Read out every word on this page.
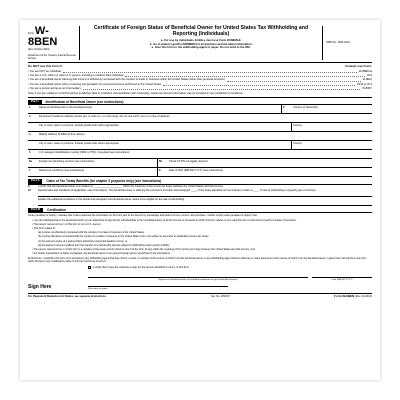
Form W-8BEN
(Rev. October 2021)
Department of the Treasury Internal Revenue Service
Certificate of Foreign Status of Beneficial Owner for United States Tax Withholding and Reporting (Individuals)
► For use by individuals. Entities must use Form W-8BEN-E.
► Go to www.irs.gov/FormW8BEN for instructions and the latest information.
► Give this form to the withholding agent or payer. Do not send to the IRS.
OMB No. 1545-1621
Do NOT use this form if:	Instead, use Form:
• You are NOT an individual	W-8BEN-E
• You are a U.S. citizen or other U.S. person, including a resident alien individual	W-9
• You are a beneficial owner claiming that income is effectively connected with the conduct of trade or business within the United States (other than personal services)	W-8ECI
• You are a beneficial owner who is receiving compensation for personal services performed in the United States	8233 or W-4
• You are a person acting as an intermediary	W-8IMY
Note: If you are resident in a FATCA partner jurisdiction (that is, a Model 1 IGA jurisdiction with reciprocity), certain tax account information may be provided to your jurisdiction of residence.
Part I	Identification of Beneficial Owner (see instructions)
1	Name of individual who is the beneficial owner	2	Country of citizenship
3	Permanent residence address (street, apt. or suite no., or rural route). Do not use a P.O. box or in-care-of address.
City or town, state or province. Include postal code where appropriate.	Country
4	Mailing address (if different from above)
City or town, state or province. Include postal code where appropriate.	Country
5	U.S. taxpayer identification number (SSN or ITIN), if required (see instructions)
6a	Foreign tax identifying number (see instructions)	6b	Check if FTIN not legally required
7	Reference number(s) (see instructions)	8	Date of birth (MM-DD-YYYY) (see instructions)
Part II	Claim of Tax Treaty Benefits (for chapter 3 purposes only) (see instructions)
9	I certify that the beneficial owner is a resident of ____________________ within the meaning of the income tax treaty between the United States and that country.
10	Special rates and conditions (if applicable—see instructions): The beneficial owner is claiming the provisions of Article and paragraph ____ of the treaty identified on line 9 above to claim a ____ % rate of withholding on (specify type of income):
Explain the additional conditions in the Article and paragraph the beneficial owner meets to be eligible for the rate of withholding:
Part III	Certification

Under penalties of perjury, I declare that I have examined the information on this form and to the best of my knowledge and belief it is true, correct, and complete. I further certify under penalties of perjury that:

• I am the individual that is the beneficial owner (or am authorized to sign for the individual that is the beneficial owner) of all the income or proceeds to which this form relates or am using this form to document myself for chapter 4 purposes;

• The person named on line 1 of this form is not a U.S. person;

• This form relates to:

(a) income not effectively connected with the conduct of a trade or business in the United States;

(b) income effectively connected with the conduct of a trade or business in the United States but is not subject to tax under an applicable income tax treaty;

(c) the partner's share of a partnership's effectively connected taxable income; or

(d) the partner's amount realized from the transfer of a partnership interest subject to withholding under section 1446(f);

• The person named on line 1 of this form is a resident of the treaty country listed on line 9 of the form (if any) within the meaning of the income tax treaty between the United States and that country; and

• For broker transactions or barter exchanges, the beneficial owner is an exempt foreign person as defined in the instructions.

Furthermore, I authorize this form to be provided to any withholding agent that has control, receipt, or custody of the income of which I am the beneficial owner or any withholding agent that can disburse or make payments of the income of which I am the beneficial owner. I agree that I will submit a new form within 30 days if any certification made on this form becomes incorrect.

I certify that I have the capacity to sign for the person identified on line 1 of this form.
Sign Here
Signature of beneficial owner (or individual authorized to sign for beneficial owner)	Date (MM-DD-YYYY)
Print name of signer
For Paperwork Reduction Act Notice, see separate instructions.	Cat. No. 25047Z	Form W-8BEN (Rev. 10-2021)
